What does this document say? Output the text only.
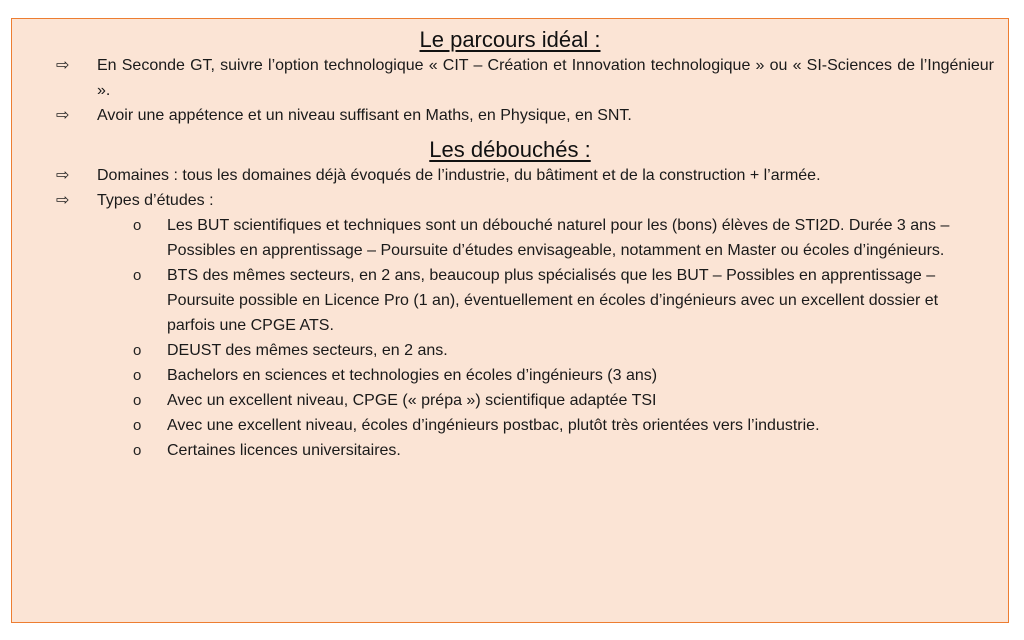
Le parcours idéal :
⇨ En Seconde GT, suivre l’option technologique « CIT – Création et Innovation technologique » ou « SI-Sciences de l’Ingénieur ».
⇨ Avoir une appétence et un niveau suffisant en Maths, en Physique, en SNT.
Les débouchés :
⇨ Domaines : tous les domaines déjà évoqués de l’industrie, du bâtiment et de la construction + l’armée.
⇨ Types d’études :
o Les BUT scientifiques et techniques sont un débouché naturel pour les (bons) élèves de STI2D. Durée 3 ans – Possibles en apprentissage – Poursuite d’études envisageable, notamment en Master ou écoles d’ingénieurs.
o BTS des mêmes secteurs, en 2 ans, beaucoup plus spécialisés que les BUT – Possibles en apprentissage – Poursuite possible en Licence Pro (1 an), éventuellement en écoles d’ingénieurs avec un excellent dossier et parfois une CPGE ATS.
o DEUST des mêmes secteurs, en 2 ans.
o Bachelors en sciences et technologies en écoles d’ingénieurs (3 ans)
o Avec un excellent niveau, CPGE (« prépa ») scientifique adaptée TSI
o Avec une excellent niveau, écoles d’ingénieurs postbac, plutôt très orientées vers l’industrie.
o Certaines licences universitaires.
